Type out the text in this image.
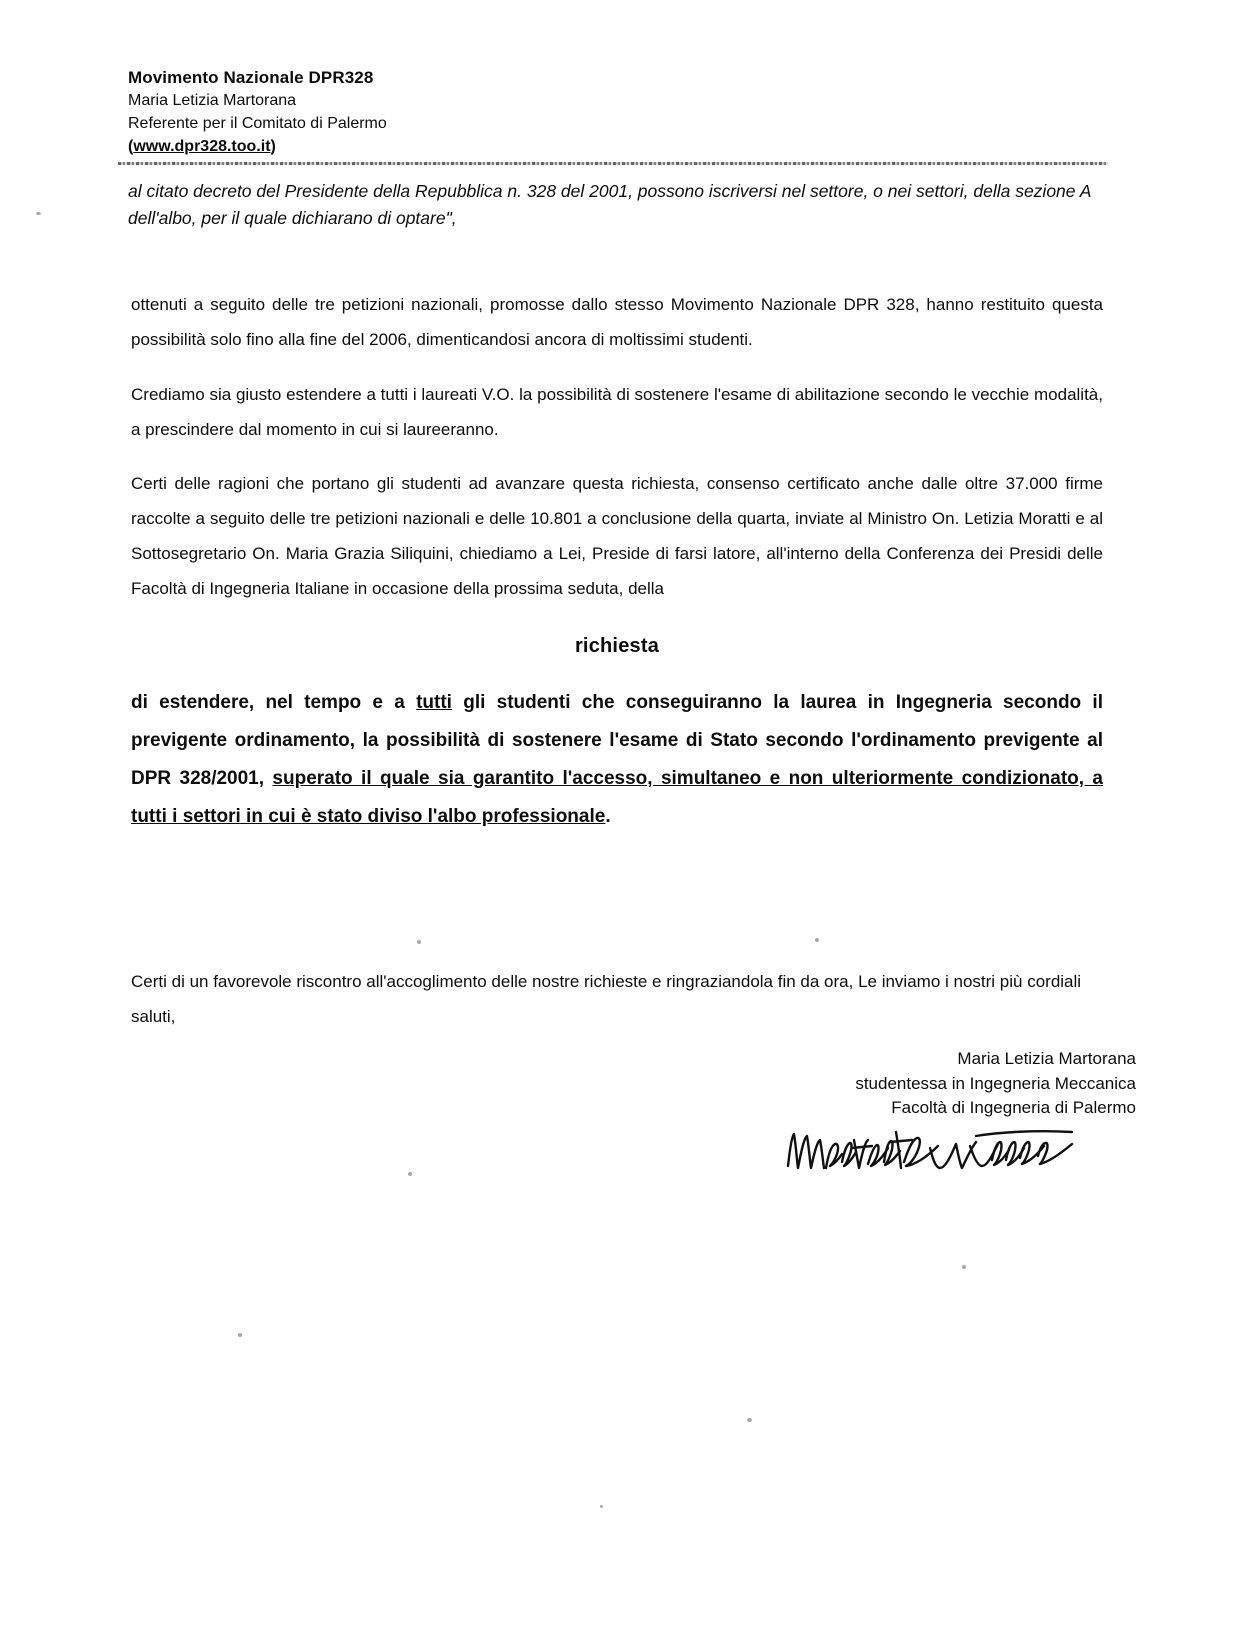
Movimento Nazionale DPR328
Maria Letizia Martorana
Referente per il Comitato di Palermo
(www.dpr328.too.it)
al citato decreto del Presidente della Repubblica n. 328 del 2001, possono iscriversi nel settore, o nei settori, della sezione A dell'albo, per il quale dichiarano di optare",

ottenuti a seguito delle tre petizioni nazionali, promosse dallo stesso Movimento Nazionale DPR 328, hanno restituito questa possibilità solo fino alla fine del 2006, dimenticandosi ancora di moltissimi studenti.

Crediamo sia giusto estendere a tutti i laureati V.O. la possibilità di sostenere l'esame di abilitazione secondo le vecchie modalità, a prescindere dal momento in cui si laureeranno.

Certi delle ragioni che portano gli studenti ad avanzare questa richiesta, consenso certificato anche dalle oltre 37.000 firme raccolte a seguito delle tre petizioni nazionali e delle 10.801 a conclusione della quarta, inviate al Ministro On. Letizia Moratti e al Sottosegretario On. Maria Grazia Siliquini, chiediamo a Lei, Preside di farsi latore, all'interno della Conferenza dei Presidi delle Facoltà di Ingegneria Italiane in occasione della prossima seduta, della

richiesta

di estendere, nel tempo e a tutti gli studenti che conseguiranno la laurea in Ingegneria secondo il previgente ordinamento, la possibilità di sostenere l'esame di Stato secondo l'ordinamento previgente al DPR 328/2001, superato il quale sia garantito l'accesso, simultaneo e non ulteriormente condizionato, a tutti i settori in cui è stato diviso l'albo professionale.

Certi di un favorevole riscontro all'accoglimento delle nostre richieste e ringraziandola fin da ora, Le inviamo i nostri più cordiali saluti,
Maria Letizia Martorana
studentessa in Ingegneria Meccanica
Facoltà di Ingegneria di Palermo
